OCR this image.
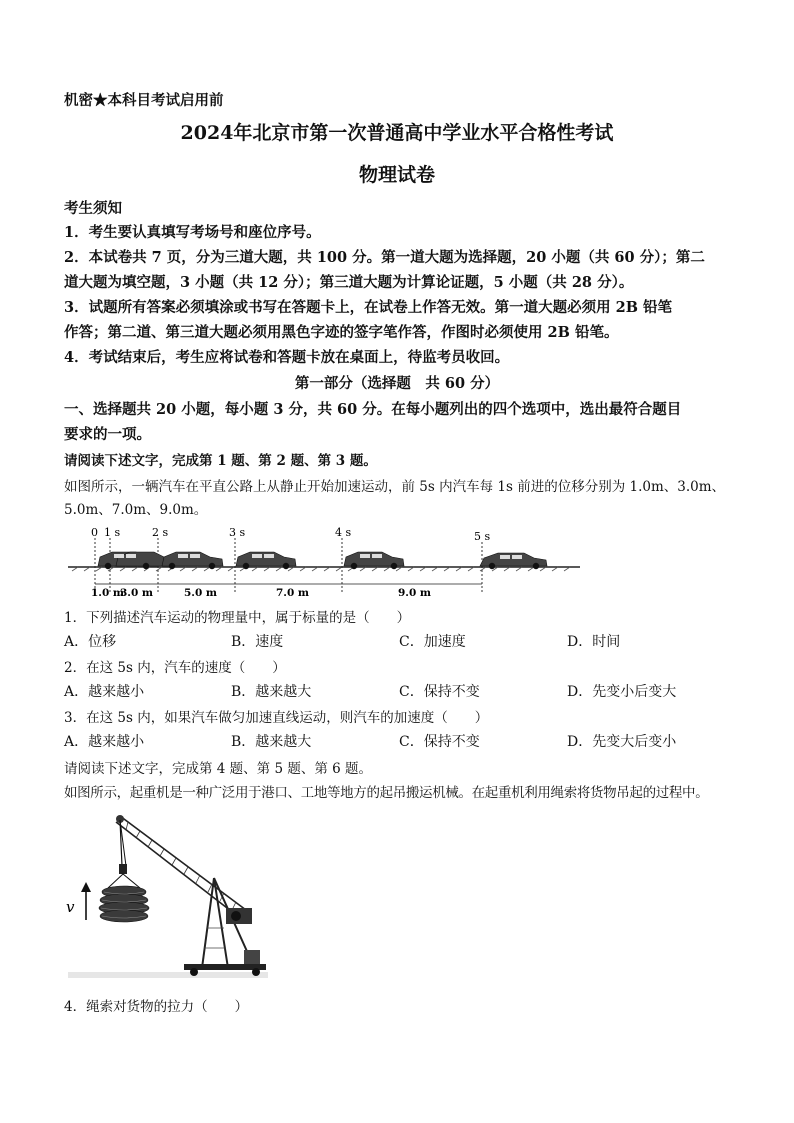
机密★本科目考试启用前
2024年北京市第一次普通高中学业水平合格性考试
物理试卷
考生须知
1．考生要认真填写考场号和座位序号。
2．本试卷共 7 页，分为三道大题，共 100 分。第一道大题为选择题，20 小题（共 60 分）；第二
道大题为填空题，3 小题（共 12 分）；第三道大题为计算论证题，5 小题（共 28 分）。
3．试题所有答案必须填涂或书写在答题卡上，在试卷上作答无效。第一道大题必须用 2B 铅笔
作答；第二道、第三道大题必须用黑色字迹的签字笔作答，作图时必须使用 2B 铅笔。
4．考试结束后，考生应将试卷和答题卡放在桌面上，待监考员收回。
第一部分（选择题　共 60 分）
一、选择题共 20 小题，每小题 3 分，共 60 分。在每小题列出的四个选项中，选出最符合题目
要求的一项。
请阅读下述文字，完成第 1 题、第 2 题、第 3 题。
如图所示，一辆汽车在平直公路上从静止开始加速运动，前 5s 内汽车每 1s 前进的位移分别为 1.0m、3.0m、
5.0m、7.0m、9.0m。
0 1 s	2 s	3 s	4 s	5 s
1.0 m
3.0 m	5.0 m	7.0 m	9.0 m
1．下列描述汽车运动的物理量中，属于标量的是（　　）
A．位移	B．速度	C．加速度	D．时间
2．在这 5s 内，汽车的速度（　　）
A．越来越小	B．越来越大	C．保持不变	D．先变小后变大
3．在这 5s 内，如果汽车做匀加速直线运动，则汽车的加速度（　　）
A．越来越小	B．越来越大	C．保持不变	D．先变大后变小
请阅读下述文字，完成第 4 题、第 5 题、第 6 题。
如图所示，起重机是一种广泛用于港口、工地等地方的起吊搬运机械。在起重机利用绳索将货物吊起的过程中。
v
4．绳索对货物的拉力（　　）
